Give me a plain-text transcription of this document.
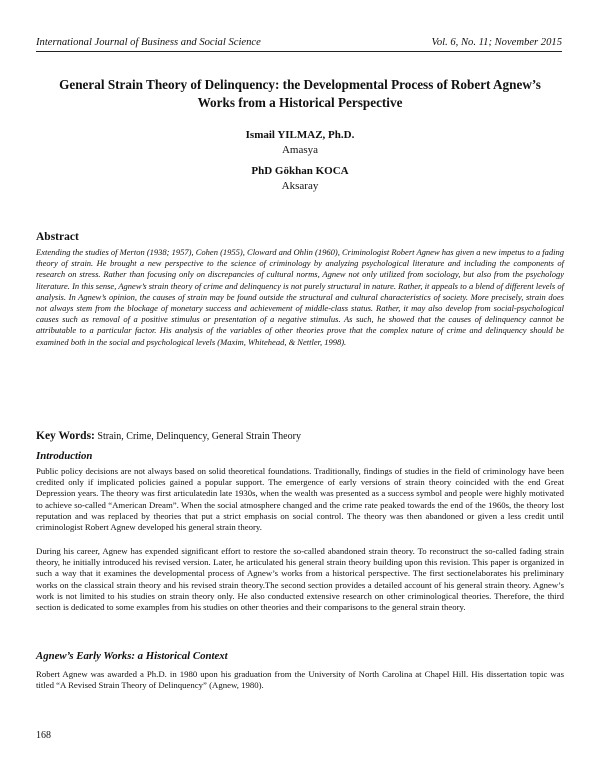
International Journal of Business and Social Science	Vol. 6, No. 11; November 2015
General Strain Theory of Delinquency: the Developmental Process of Robert Agnew’s Works from a Historical Perspective
Ismail YILMAZ, Ph.D.
Amasya
PhD Gökhan KOCA
Aksaray
Abstract

Extending the studies of Merton (1938; 1957), Cohen (1955), Cloward and Ohlin (1960), Criminologist Robert Agnew has given a new impetus to a fading theory of strain. He brought a new perspective to the science of criminology by analyzing psychological literature and including the components of research on stress. Rather than focusing only on discrepancies of cultural norms, Agnew not only utilized from sociology, but also from the psychology literature. In this sense, Agnew’s strain theory of crime and delinquency is not purely structural in nature. Rather, it appeals to a blend of different levels of analysis. In Agnew’s opinion, the causes of strain may be found outside the structural and cultural characteristics of society. More precisely, strain does not always stem from the blockage of monetary success and achievement of middle-class status. Rather, it may also develop from social-psychological causes such as removal of a positive stimulus or presentation of a negative stimulus. As such, he showed that the causes of delinquency cannot be attributable to a particular factor. His analysis of the variables of other theories prove that the complex nature of crime and delinquency should be examined both in the social and psychological levels (Maxim, Whitehead, & Nettler, 1998).

Key Words: Strain, Crime, Delinquency, General Strain Theory
Introduction

Public policy decisions are not always based on solid theoretical foundations. Traditionally, findings of studies in the field of criminology have been credited only if implicated policies gained a popular support. The emergence of early versions of strain theory coincided with the end Great Depression years. The theory was first articulatedin late 1930s, when the wealth was presented as a success symbol and people were highly motivated to achieve so-called “American Dream”. When the social atmosphere changed and the crime rate peaked towards the end of the 1960s, the theory lost reputation and was replaced by theories that put a strict emphasis on social control. The theory was then abandoned or given a less credit until criminologist Robert Agnew developed his general strain theory.

During his career, Agnew has expended significant effort to restore the so-called abandoned strain theory. To reconstruct the so-called fading strain theory, he initially introduced his revised version. Later, he articulated his general strain theory building upon this revision. This paper is organized in such a way that it examines the developmental process of Agnew’s works from a historical perspective. The first sectionelaborates his preliminary works on the classical strain theory and his revised strain theory.The second section provides a detailed account of his general strain theory. Agnew’s work is not limited to his studies on strain theory only. He also conducted extensive research on other criminological theories. Therefore, the third section is dedicated to some examples from his studies on other theories and their comparisons to the general strain theory.

Agnew’s Early Works: a Historical Context

Robert Agnew was awarded a Ph.D. in 1980 upon his graduation from the University of North Carolina at Chapel Hill. His dissertation topic was titled “A Revised Strain Theory of Delinquency” (Agnew, 1980).

168
